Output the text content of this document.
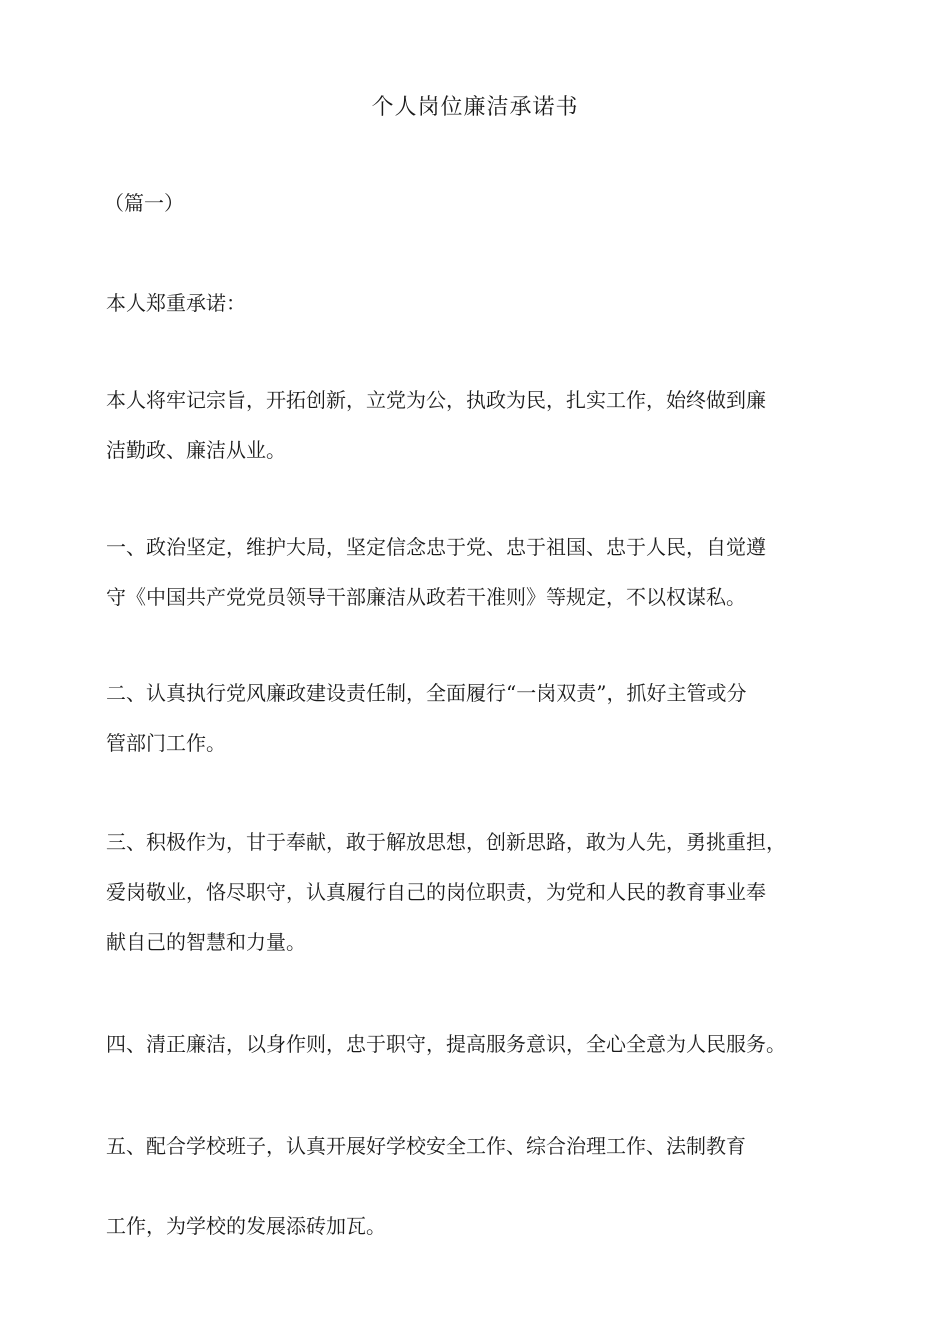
个人岗位廉洁承诺书
（篇一）
本人郑重承诺：
本人将牢记宗旨，开拓创新，立党为公，执政为民，扎实工作，始终做到廉
洁勤政、廉洁从业。
一、政治坚定，维护大局，坚定信念忠于党、忠于祖国、忠于人民，自觉遵
守《中国共产党党员领导干部廉洁从政若干准则》等规定，不以权谋私。
二、认真执行党风廉政建设责任制，全面履行“一岗双责”，抓好主管或分
管部门工作。
三、积极作为，甘于奉献，敢于解放思想，创新思路，敢为人先，勇挑重担，
爱岗敬业，恪尽职守，认真履行自己的岗位职责，为党和人民的教育事业奉
献自己的智慧和力量。
四、清正廉洁，以身作则，忠于职守，提高服务意识，全心全意为人民服务。
五、配合学校班子，认真开展好学校安全工作、综合治理工作、法制教育
工作，为学校的发展添砖加瓦。
